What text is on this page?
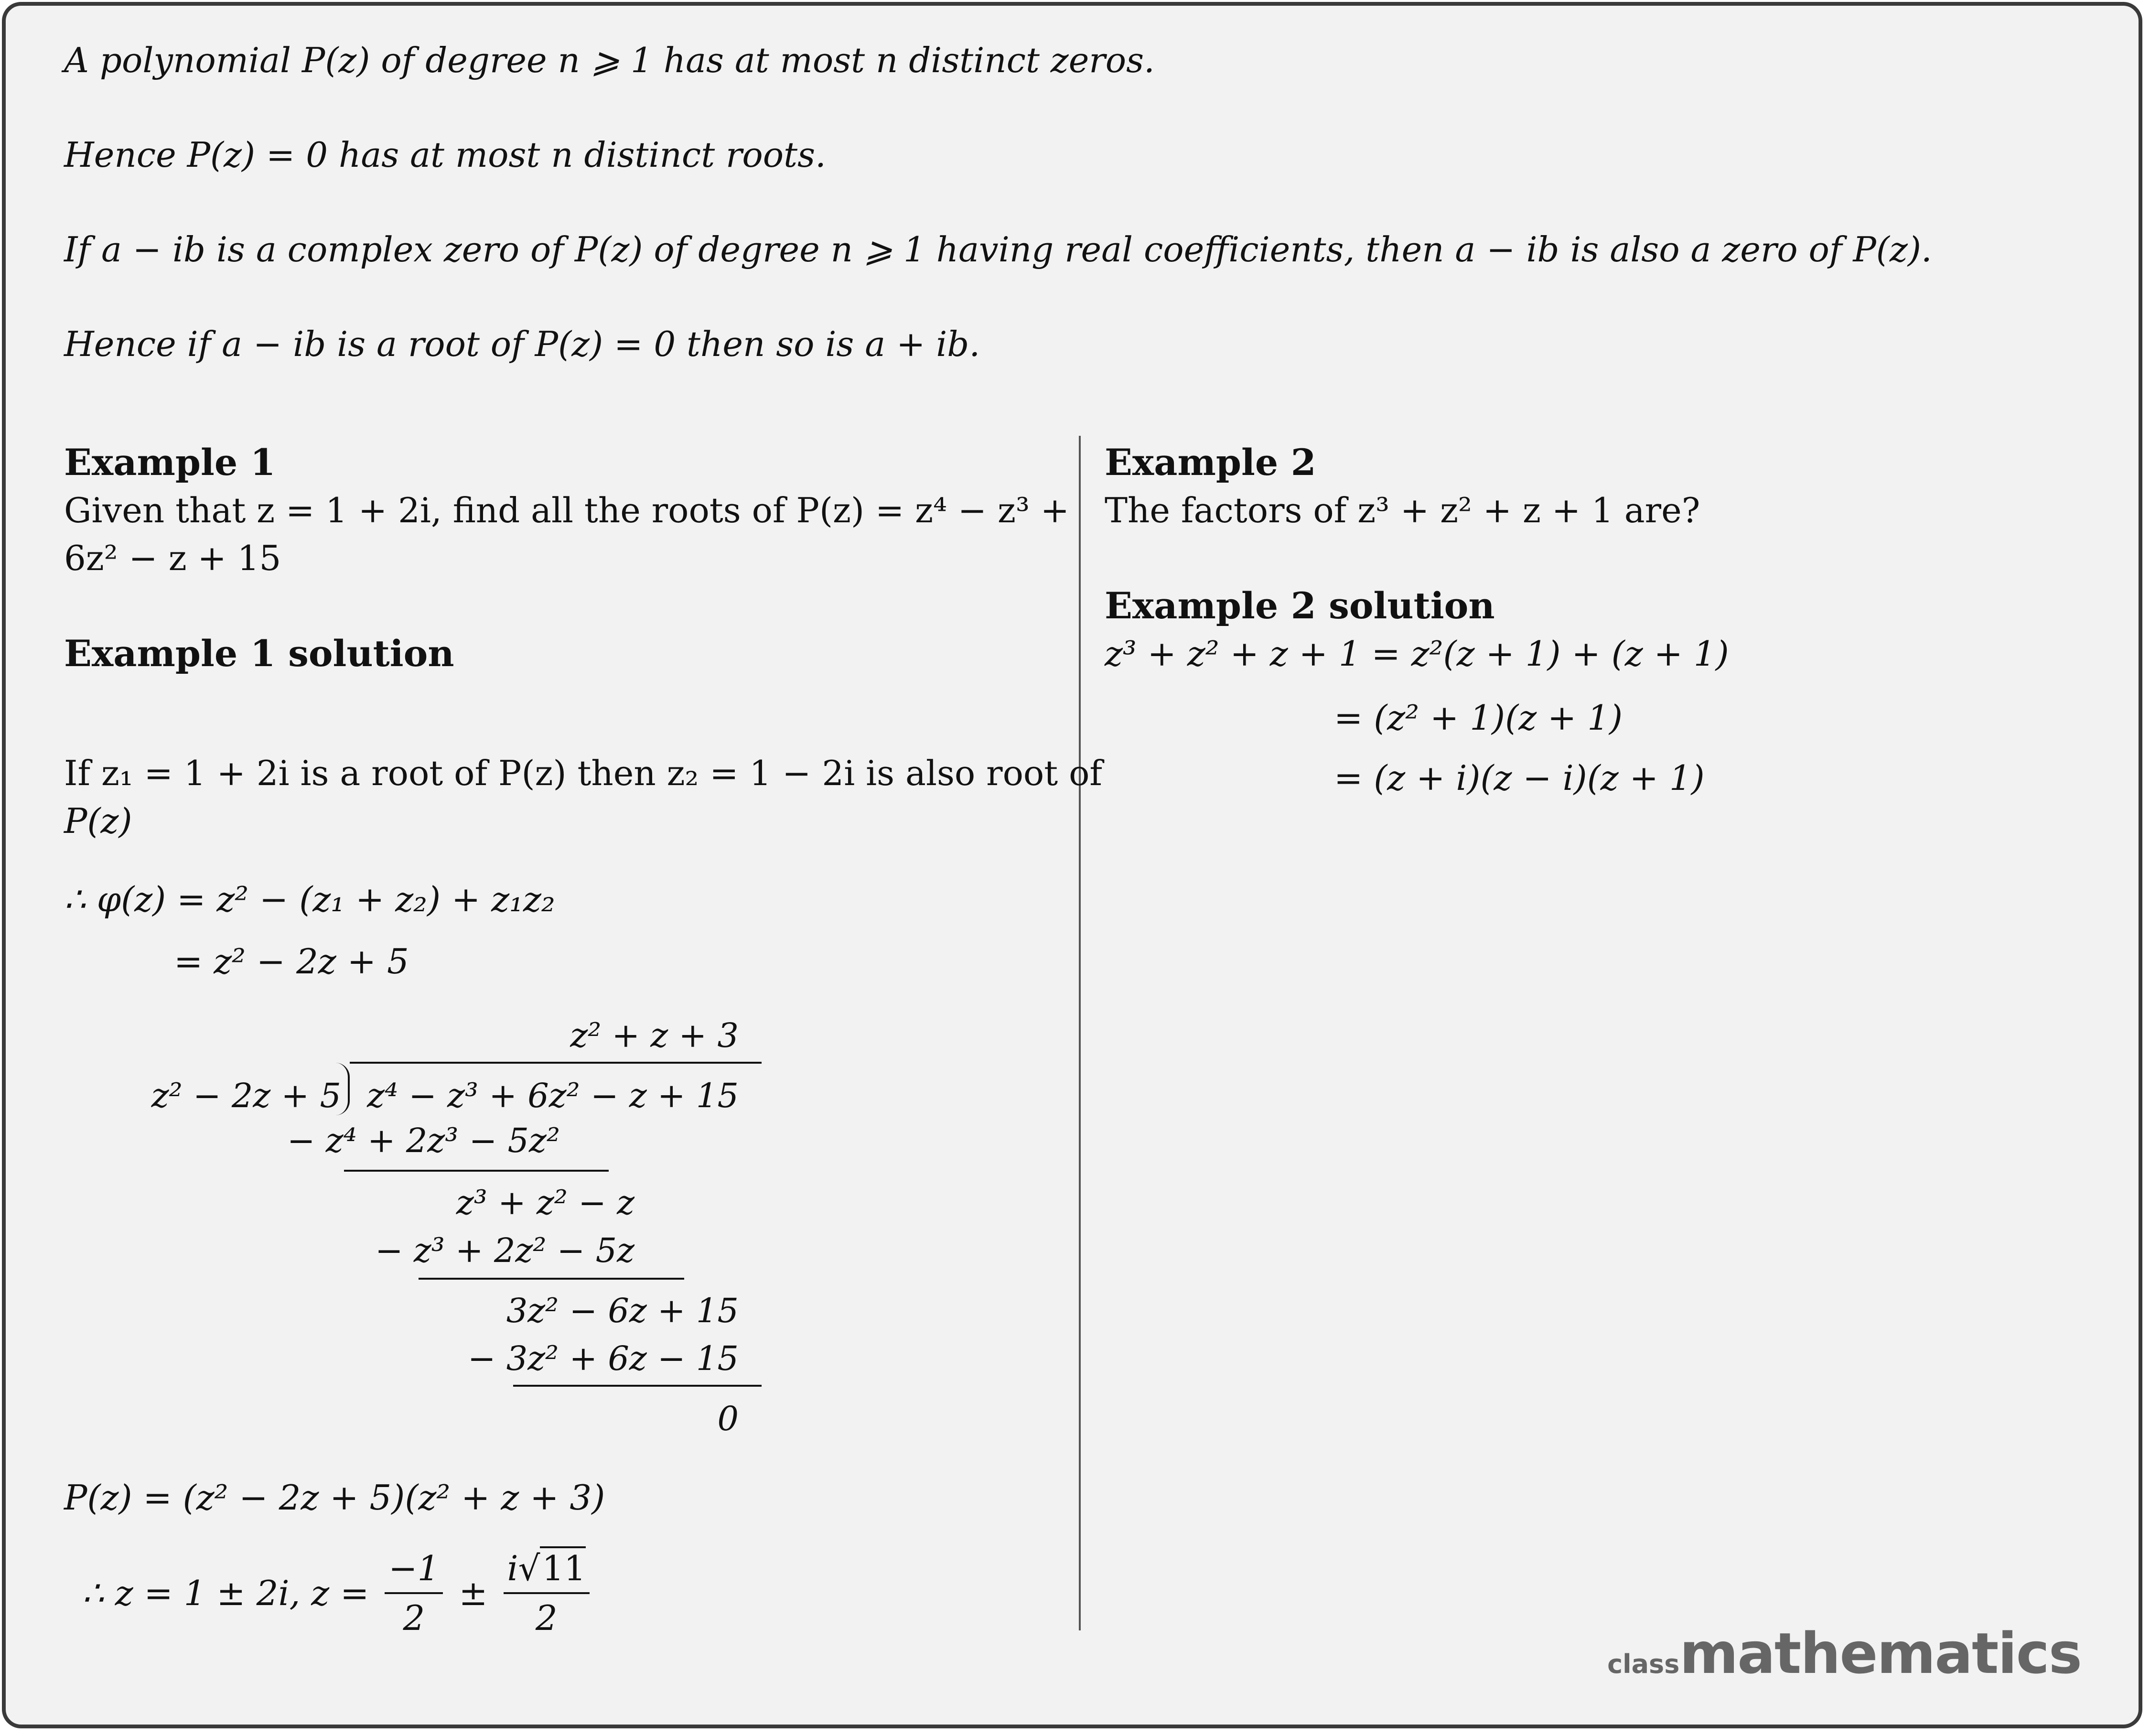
A polynomial P(z) of degree n ⩾ 1 has at most n distinct zeros.
Hence P(z) = 0 has at most n distinct roots.
If a − ib is a complex zero of P(z) of degree n ⩾ 1 having real coefficients, then a − ib is also a zero of P(z).
Hence if a − ib is a root of P(z) = 0 then so is a + ib.
Example 1
Given that z = 1 + 2i, find all the roots of P(z) = z⁴ − z³ +
6z² − z + 15
Example 1 solution
If z₁ = 1 + 2i is a root of P(z) then z₂ = 1 − 2i is also root of
P(z)
∴ φ(z) = z² − (z₁ + z₂) + z₁z₂
= z² − 2z + 5
z² + z + 3
z² − 2z + 5 z⁴ − z³ + 6z² − z + 15
− z⁴ + 2z³ − 5z²
z³ + z² − z
− z³ + 2z² − 5z
3z² − 6z + 15
− 3z² + 6z − 15
0
P(z) = (z² − 2z + 5)(z² + z + 3)
∴ z = 1 ± 2i, $z = \frac{-1}{2} \pm \frac{i√11}{2}$
Example 2
The factors of z³ + z² + z + 1 are?
Example 2 solution
z³ + z² + z + 1 = z²(z + 1) + (z + 1)
= (z² + 1)(z + 1)
= (z + i)(z − i)(z + 1)
classmathematics
